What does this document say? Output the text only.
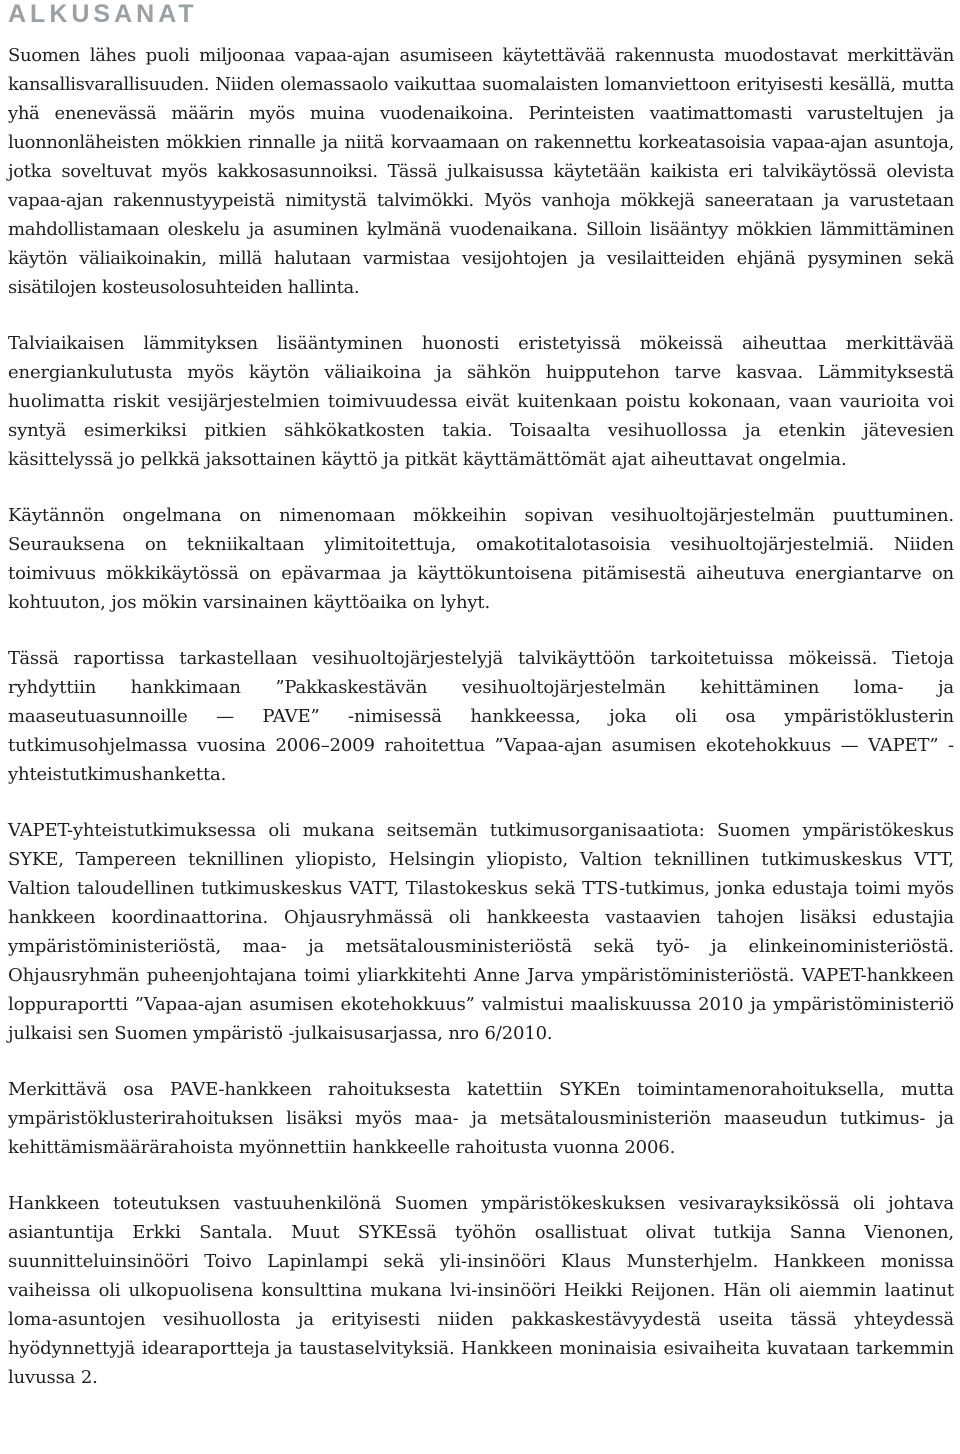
ALKUSANAT

Suomen lähes puoli miljoonaa vapaa-ajan asumiseen käytettävää rakennusta muodostavat merkittävän kansallisvarallisuuden. Niiden olemassaolo vaikuttaa suomalaisten lomanviettoon erityisesti kesällä, mutta yhä enenevässä määrin myös muina vuodenaikoina. Perinteisten vaatimattomasti varusteltujen ja luonnonläheisten mökkien rinnalle ja niitä korvaamaan on rakennettu korkeatasoisia vapaa-ajan asuntoja, jotka soveltuvat myös kakkosasunnoiksi. Tässä julkaisussa käytetään kaikista eri talvikäytössä olevista vapaa-ajan rakennustyypeistä nimitystä talvimökki. Myös vanhoja mökkejä saneerataan ja varustetaan mahdollistamaan oleskelu ja asuminen kylmänä vuodenaikana. Silloin lisääntyy mökkien lämmittäminen käytön väliaikoinakin, millä halutaan varmistaa vesijohtojen ja vesilaitteiden ehjänä pysyminen sekä sisätilojen kosteusolosuhteiden hallinta.

Talviaikaisen lämmityksen lisääntyminen huonosti eristetyissä mökeissä aiheuttaa merkittävää energiankulutusta myös käytön väliaikoina ja sähkön huipputehon tarve kasvaa. Lämmityksestä huolimatta riskit vesijärjestelmien toimivuudessa eivät kuitenkaan poistu kokonaan, vaan vaurioita voi syntyä esimerkiksi pitkien sähkökatkosten takia. Toisaalta vesihuollossa ja etenkin jätevesien käsittelyssä jo pelkkä jaksottainen käyttö ja pitkät käyttämättömät ajat aiheuttavat ongelmia.

Käytännön ongelmana on nimenomaan mökkeihin sopivan vesihuoltojärjestelmän puuttuminen. Seurauksena on tekniikaltaan ylimitoitettuja, omakotitalotasoisia vesihuoltojärjestelmiä. Niiden toimivuus mökkikäytössä on epävarmaa ja käyttökuntoisena pitämisestä aiheutuva energiantarve on kohtuuton, jos mökin varsinainen käyttöaika on lyhyt.

Tässä raportissa tarkastellaan vesihuoltojärjestelyjä talvikäyttöön tarkoitetuissa mökeissä. Tietoja ryhdyttiin hankkimaan ”Pakkaskestävän vesihuoltojärjestelmän kehittäminen loma- ja maaseutuasunnoille — PAVE” -nimisessä hankkeessa, joka oli osa ympäristöklusterin tutkimusohjelmassa vuosina 2006–2009 rahoitettua ”Vapaa-ajan asumisen ekotehokkuus — VAPET” -yhteistutkimushanketta.

VAPET-yhteistutkimuksessa oli mukana seitsemän tutkimusorganisaatiota: Suomen ympäristökeskus SYKE, Tampereen teknillinen yliopisto, Helsingin yliopisto, Valtion teknillinen tutkimuskeskus VTT, Valtion taloudellinen tutkimuskeskus VATT, Tilastokeskus sekä TTS-tutkimus, jonka edustaja toimi myös hankkeen koordinaattorina. Ohjausryhmässä oli hankkeesta vastaavien tahojen lisäksi edustajia ympäristöministeriöstä, maa- ja metsätalousministeriöstä sekä työ- ja elinkeinoministeriöstä. Ohjausryhmän puheenjohtajana toimi yliarkkitehti Anne Jarva ympäristöministeriöstä. VAPET-hankkeen loppuraportti ”Vapaa-ajan asumisen ekotehokkuus” valmistui maaliskuussa 2010 ja ympäristöministeriö julkaisi sen Suomen ympäristö -julkaisusarjassa, nro 6/2010.

Merkittävä osa PAVE-hankkeen rahoituksesta katettiin SYKEn toimintamenorahoituksella, mutta ympäristöklusterirahoituksen lisäksi myös maa- ja metsätalousministeriön maaseudun tutkimus- ja kehittämismäärärahoista myönnettiin hankkeelle rahoitusta vuonna 2006.

Hankkeen toteutuksen vastuuhenkilönä Suomen ympäristökeskuksen vesivarayksikössä oli johtava asiantuntija Erkki Santala. Muut SYKEssä työhön osallistuat olivat tutkija Sanna Vienonen, suunnitteluinsinööri Toivo Lapinlampi sekä yli-insinööri Klaus Munsterhjelm. Hankkeen monissa vaiheissa oli ulkopuolisena konsulttina mukana lvi-insinööri Heikki Reijonen. Hän oli aiemmin laatinut loma-asuntojen vesihuollosta ja erityisesti niiden pakkaskestävyydestä useita tässä yhteydessä hyödynnettyjä idearaportteja ja taustaselvityksiä. Hankkeen moninaisia esivaiheita kuvataan tarkemmin luvussa 2.
